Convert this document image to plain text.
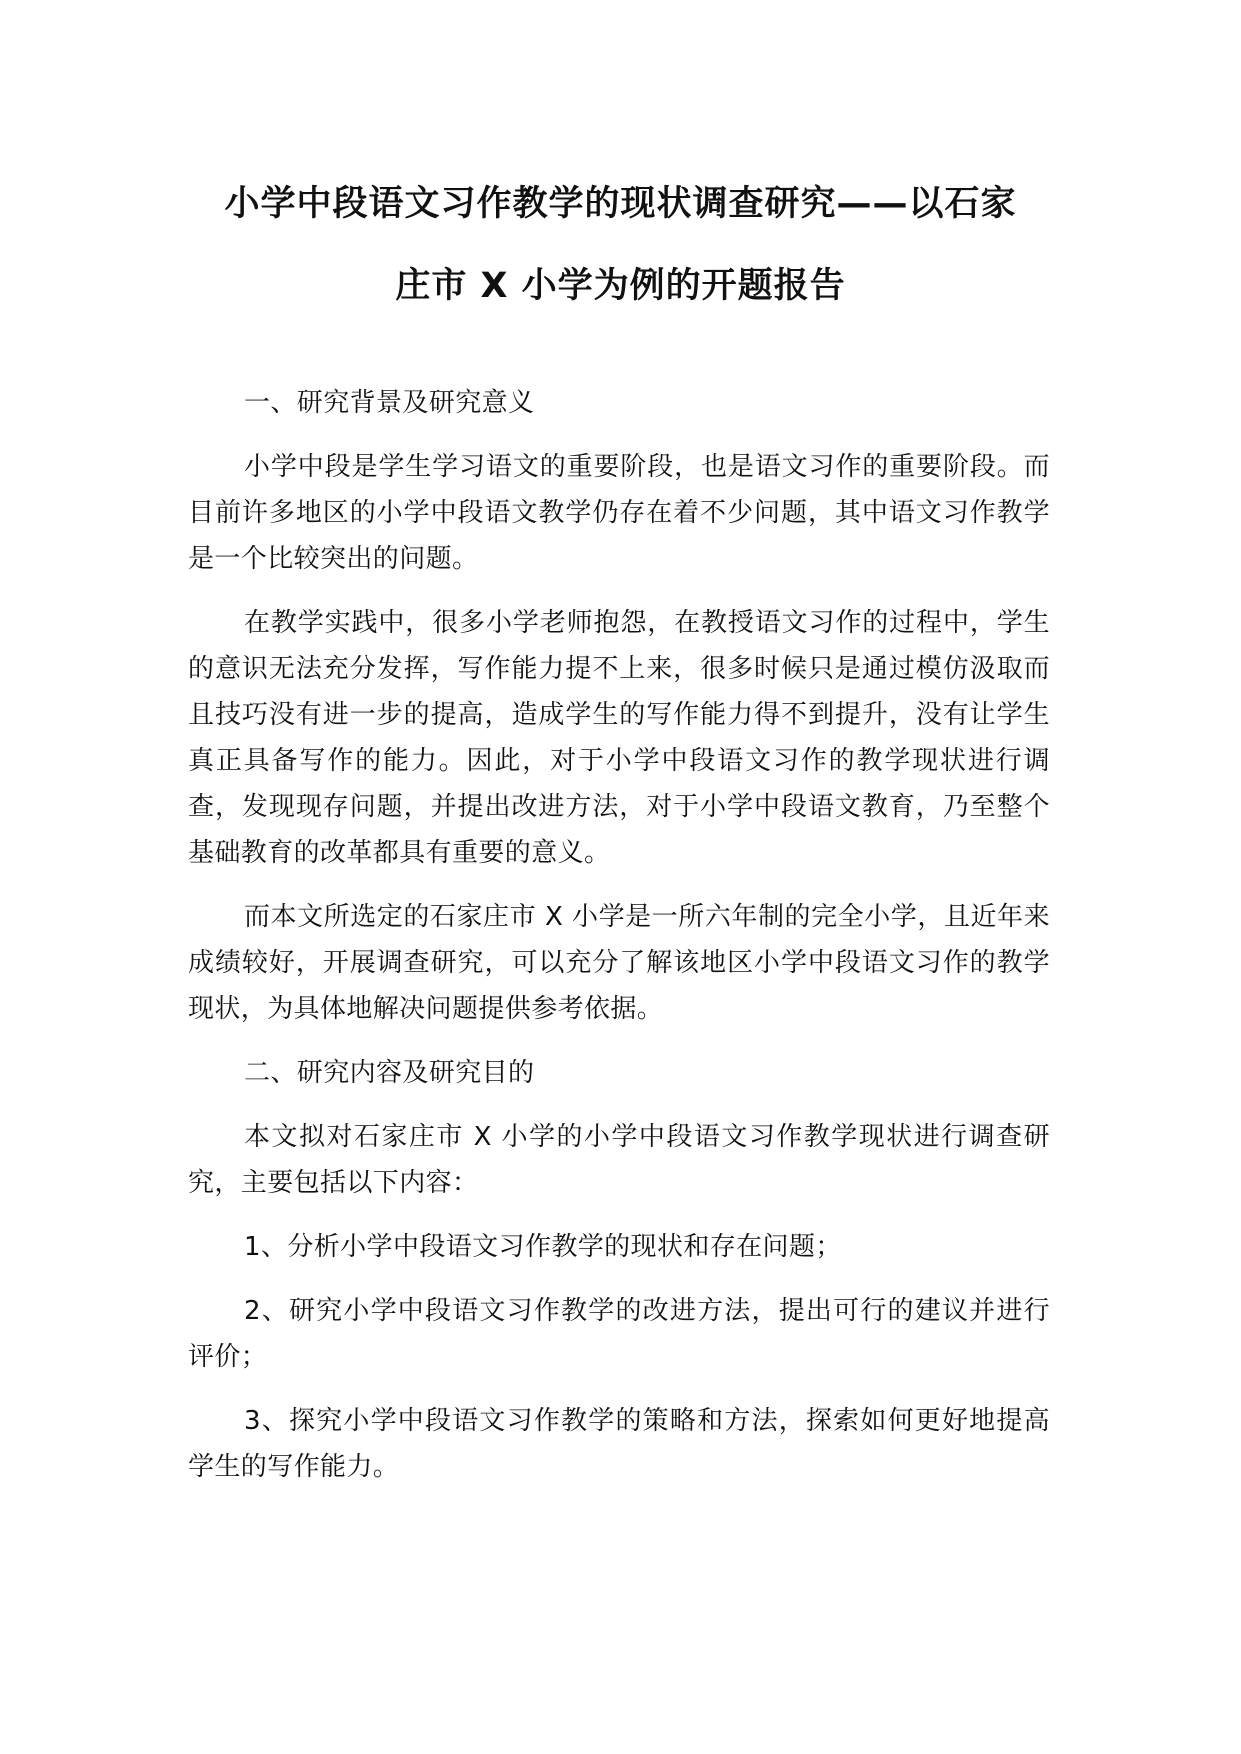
小学中段语文习作教学的现状调查研究——以石家
庄市 X 小学为例的开题报告

一、研究背景及研究意义

小学中段是学生学习语文的重要阶段，也是语文习作的重要阶段。而目前许多地区的小学中段语文教学仍存在着不少问题，其中语文习作教学是一个比较突出的问题。

在教学实践中，很多小学老师抱怨，在教授语文习作的过程中，学生的意识无法充分发挥，写作能力提不上来，很多时候只是通过模仿汲取而且技巧没有进一步的提高，造成学生的写作能力得不到提升，没有让学生真正具备写作的能力。因此，对于小学中段语文习作的教学现状进行调查，发现现存问题，并提出改进方法，对于小学中段语文教育，乃至整个基础教育的改革都具有重要的意义。

而本文所选定的石家庄市 X 小学是一所六年制的完全小学，且近年来成绩较好，开展调查研究，可以充分了解该地区小学中段语文习作的教学现状，为具体地解决问题提供参考依据。

二、研究内容及研究目的

本文拟对石家庄市 X 小学的小学中段语文习作教学现状进行调查研究，主要包括以下内容：

1、分析小学中段语文习作教学的现状和存在问题；

2、研究小学中段语文习作教学的改进方法，提出可行的建议并进行评价；

3、探究小学中段语文习作教学的策略和方法，探索如何更好地提高学生的写作能力。
